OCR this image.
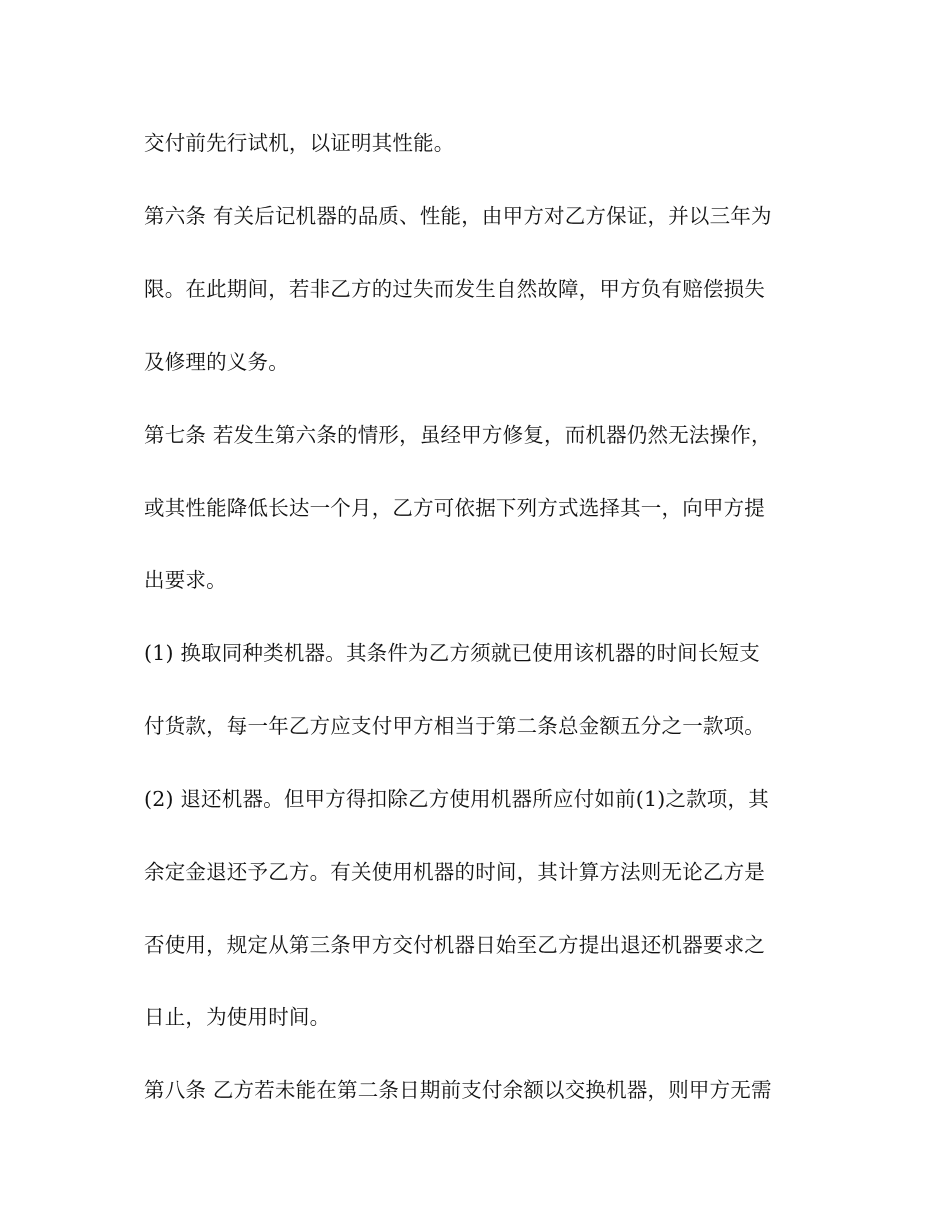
交付前先行试机，以证明其性能。
第六条 有关后记机器的品质、性能，由甲方对乙方保证，并以三年为
限。在此期间，若非乙方的过失而发生自然故障，甲方负有赔偿损失
及修理的义务。
第七条 若发生第六条的情形，虽经甲方修复，而机器仍然无法操作，
或其性能降低长达一个月，乙方可依据下列方式选择其一，向甲方提
出要求。
(1) 换取同种类机器。其条件为乙方须就已使用该机器的时间长短支
付货款，每一年乙方应支付甲方相当于第二条总金额五分之一款项。
(2) 退还机器。但甲方得扣除乙方使用机器所应付如前(1)之款项，其
余定金退还予乙方。有关使用机器的时间，其计算方法则无论乙方是
否使用，规定从第三条甲方交付机器日始至乙方提出退还机器要求之
日止，为使用时间。
第八条 乙方若未能在第二条日期前支付余额以交换机器，则甲方无需
